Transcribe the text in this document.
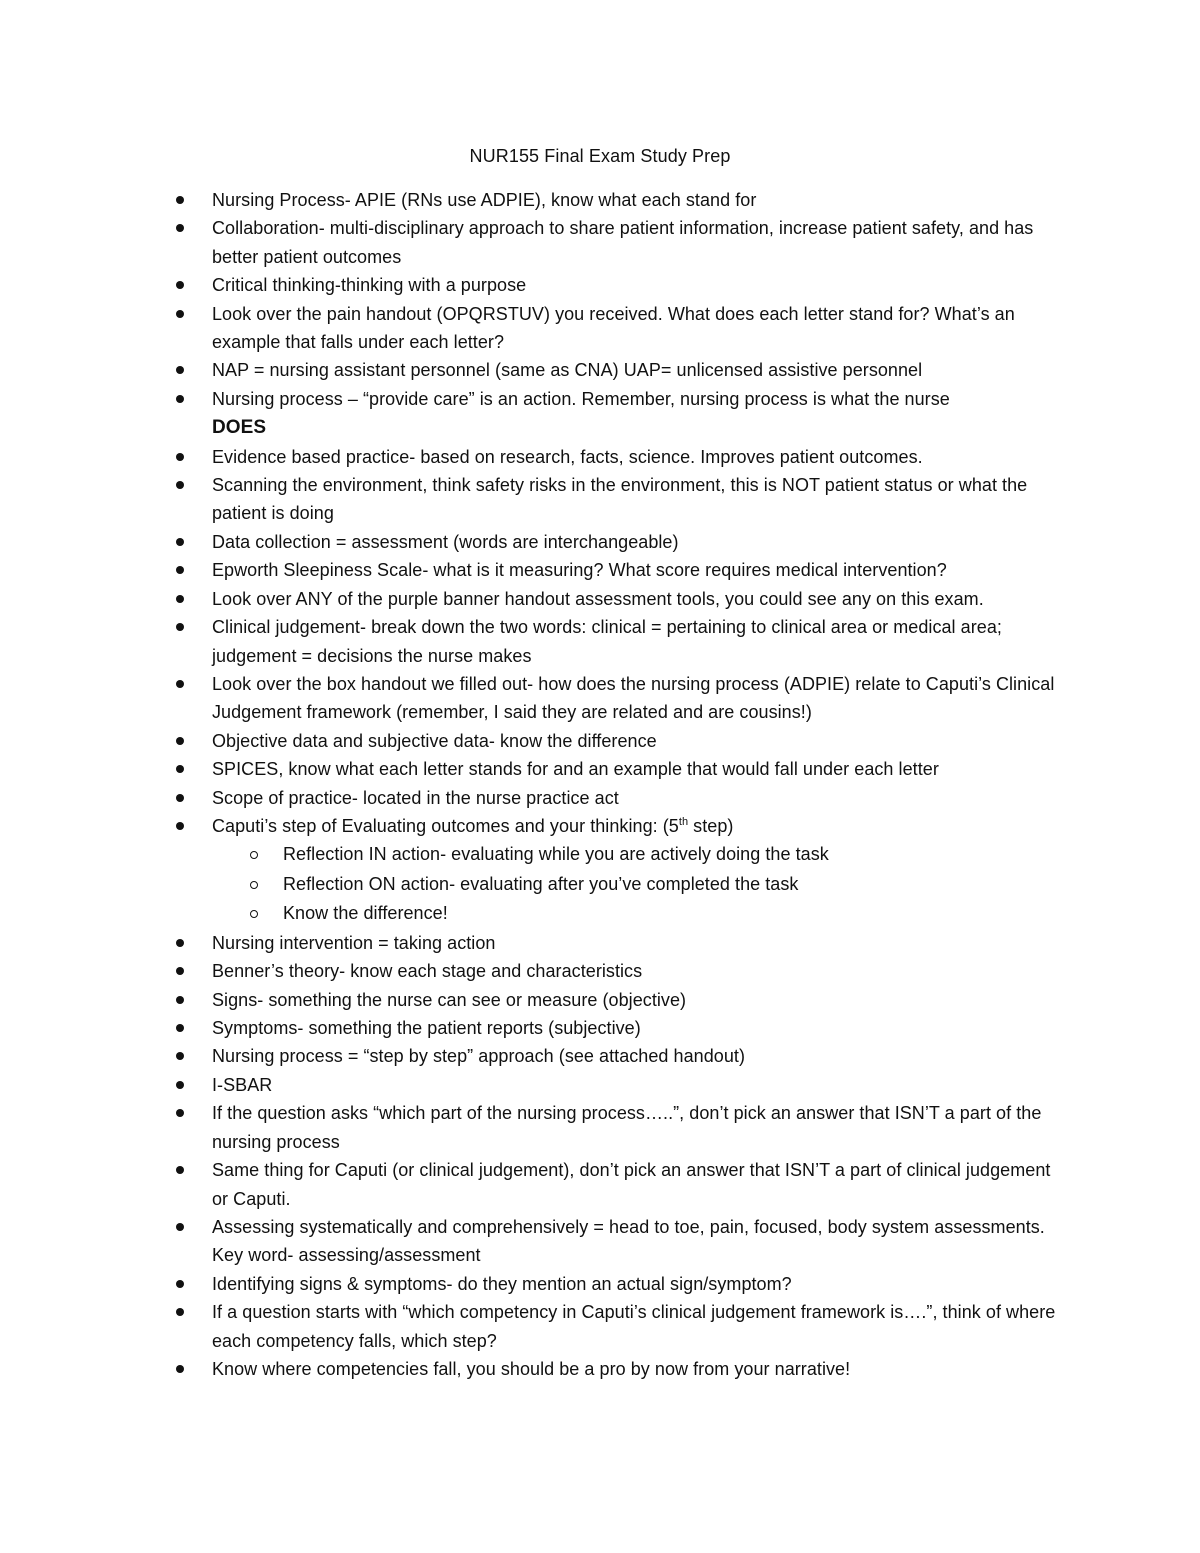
NUR155 Final Exam Study Prep
Nursing Process- APIE (RNs use ADPIE), know what each stand for
Collaboration- multi-disciplinary approach to share patient information, increase patient safety, and has better patient outcomes
Critical thinking-thinking with a purpose
Look over the pain handout (OPQRSTUV) you received. What does each letter stand for? What’s an example that falls under each letter?
NAP = nursing assistant personnel (same as CNA) UAP= unlicensed assistive personnel
Nursing process – “provide care” is an action. Remember, nursing process is what the nurse
DOES
Evidence based practice- based on research, facts, science. Improves patient outcomes.
Scanning the environment, think safety risks in the environment, this is NOT patient status or what the patient is doing
Data collection = assessment (words are interchangeable)
Epworth Sleepiness Scale- what is it measuring? What score requires medical intervention?
Look over ANY of the purple banner handout assessment tools, you could see any on this exam.
Clinical judgement- break down the two words: clinical = pertaining to clinical area or medical area; judgement = decisions the nurse makes
Look over the box handout we filled out- how does the nursing process (ADPIE) relate to Caputi’s Clinical Judgement framework (remember, I said they are related and are cousins!)
Objective data and subjective data- know the difference
SPICES, know what each letter stands for and an example that would fall under each letter
Scope of practice- located in the nurse practice act
Caputi’s step of Evaluating outcomes and your thinking: (5th step)
Reflection IN action- evaluating while you are actively doing the task
Reflection ON action- evaluating after you’ve completed the task
Know the difference!
Nursing intervention = taking action
Benner’s theory- know each stage and characteristics
Signs- something the nurse can see or measure (objective)
Symptoms- something the patient reports (subjective)
Nursing process = “step by step” approach (see attached handout)
I-SBAR
If the question asks “which part of the nursing process…..”, don’t pick an answer that ISN’T a part of the nursing process
Same thing for Caputi (or clinical judgement), don’t pick an answer that ISN’T a part of clinical judgement or Caputi.
Assessing systematically and comprehensively = head to toe, pain, focused, body system assessments. Key word- assessing/assessment
Identifying signs & symptoms- do they mention an actual sign/symptom?
If a question starts with “which competency in Caputi’s clinical judgement framework is….”, think of where each competency falls, which step?
Know where competencies fall, you should be a pro by now from your narrative!
